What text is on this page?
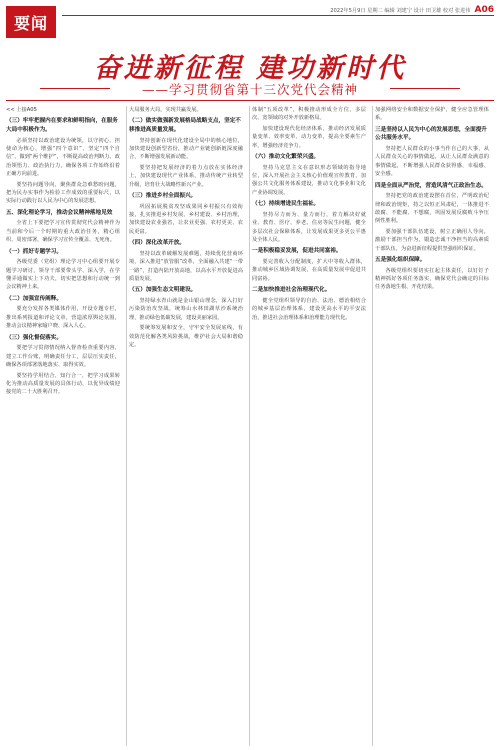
要闻
2022年5月9日 星期二 编辑 刘建宁 设计 田卫雄 校对 张进伟 A06
奋进新征程 建功新时代
——学习贯彻省第十三次党代会精神

<< 上接A05

（三）牢牢把握内在要求和鲜明指向，在服务大局中积极作为。

必须坚持以政治建设为统领，以守初心、担使命为核心，增强“四个意识”、坚定“四个自信”、做到“两个维护”，不断提高政治判断力、政治领悟力、政治执行力，确保各项工作始终沿着正确方向前进。

要坚持问题导向，聚焦群众急难愁盼问题，把为民办实事作为检验工作成效的重要标尺，以实际行动践行以人民为中心的发展思想。

五、深化理论学习，推动会议精神落地见效

全省上下要把学习宣传贯彻党代会精神作为当前和今后一个时期的重大政治任务，精心组织、周密部署，确保学习宣传全覆盖、无死角。

（一）抓好专题学习。

各级党委（党组）理论学习中心组要开展专题学习研讨，领导干部要带头学、深入学，在学懂弄通做实上下功夫，切实把思想和行动统一到会议精神上来。

（二）加强宣传阐释。

要充分发挥各类媒体作用，开设专题专栏，推出系列报道和评论文章，营造浓厚舆论氛围，推动会议精神家喻户晓、深入人心。

（三）强化督促落实。

要把学习贯彻情况纳入督查检查重要内容，建立工作台账，明确责任分工，层层压实责任，确保各项部署落地落实、取得实效。

要坚持学用结合、知行合一，把学习成果转化为推动高质量发展的具体行动，以优异成绩迎接党的二十大胜利召开。

大局服务大局，实现共赢发展。

（二）做实做强新发展格局战略支点，坚定不移推进高质量发展。

坚持创新在现代化建设全局中的核心地位，加快建设创新型省份，推动产业链创新链深度融合，不断增强发展新动能。

要坚持把发展经济的着力点放在实体经济上，加快建设现代产业体系，推动传统产业转型升级，培育壮大战略性新兴产业。

（三）推进乡村全面振兴。

巩固拓展脱贫攻坚成果同乡村振兴有效衔接，扎实推进乡村发展、乡村建设、乡村治理，加快建设农业强省，让农业更强、农村更美、农民更富。

（四）深化改革开放。

坚持以改革破解发展难题，持续优化营商环境，深入推进“放管服”改革，全面融入共建“一带一路”，打造内陆开放高地，以高水平开放促进高质量发展。

（五）加强生态文明建设。

坚持绿水青山就是金山银山理念，深入打好污染防治攻坚战，统筹山水林田湖草沙系统治理，推动绿色低碳发展，建设美丽家园。

要统筹发展和安全，守牢安全发展底线，有效防范化解各类风险挑战，维护社会大局和谐稳定。

体制“五项改革”，积极推动形成全方位、多层次、宽领域的对外开放新格局。

加快建设现代化经济体系，推动经济发展质量变革、效率变革、动力变革，提高全要素生产率，增强经济竞争力。

（六）推动文化繁荣兴盛。

坚持马克思主义在意识形态领域的指导地位，深入开展社会主义核心价值观宣传教育，加强公共文化服务体系建设，推动文化事业和文化产业协调发展。

（七）持续增进民生福祉。

坚持尽力而为、量力而行，着力解决好就业、教育、医疗、养老、住房等民生问题，健全多层次社会保障体系，让发展成果更多更公平惠及全体人民。

一是积极稳妥发展，促进共同富裕。

要完善收入分配制度，扩大中等收入群体，推动城乡区域协调发展，在高质量发展中促进共同富裕。

二是加快推进社会治理现代化。

健全党组织领导的自治、法治、德治相结合的城乡基层治理体系，建设更高水平的平安法治，推进社会治理体系和治理能力现代化。

加强网络安全和数据安全保护，健全应急管理体系。

三是坚持以人民为中心的发展思想，全面提升公共服务水平。

坚持把人民群众的小事当作自己的大事，从人民群众关心的事情做起，从让人民群众满意的事情做起，不断增强人民群众获得感、幸福感、安全感。

四是全面从严治党，营造风清气正政治生态。

坚持把党的政治建设摆在首位，严明政治纪律和政治规矩，持之以恒正风肃纪，一体推进不敢腐、不能腐、不想腐，巩固发展反腐败斗争压倒性胜利。

要加强干部队伍建设，树立正确用人导向，激励干部担当作为，锻造忠诚干净担当的高素质干部队伍，为奋进新征程提供坚强组织保证。

五是强化组织保障。

各级党组织要切实扛起主体责任，以钉钉子精神抓好各项任务落实，确保党代会确定的目标任务落地生根、开花结果。
